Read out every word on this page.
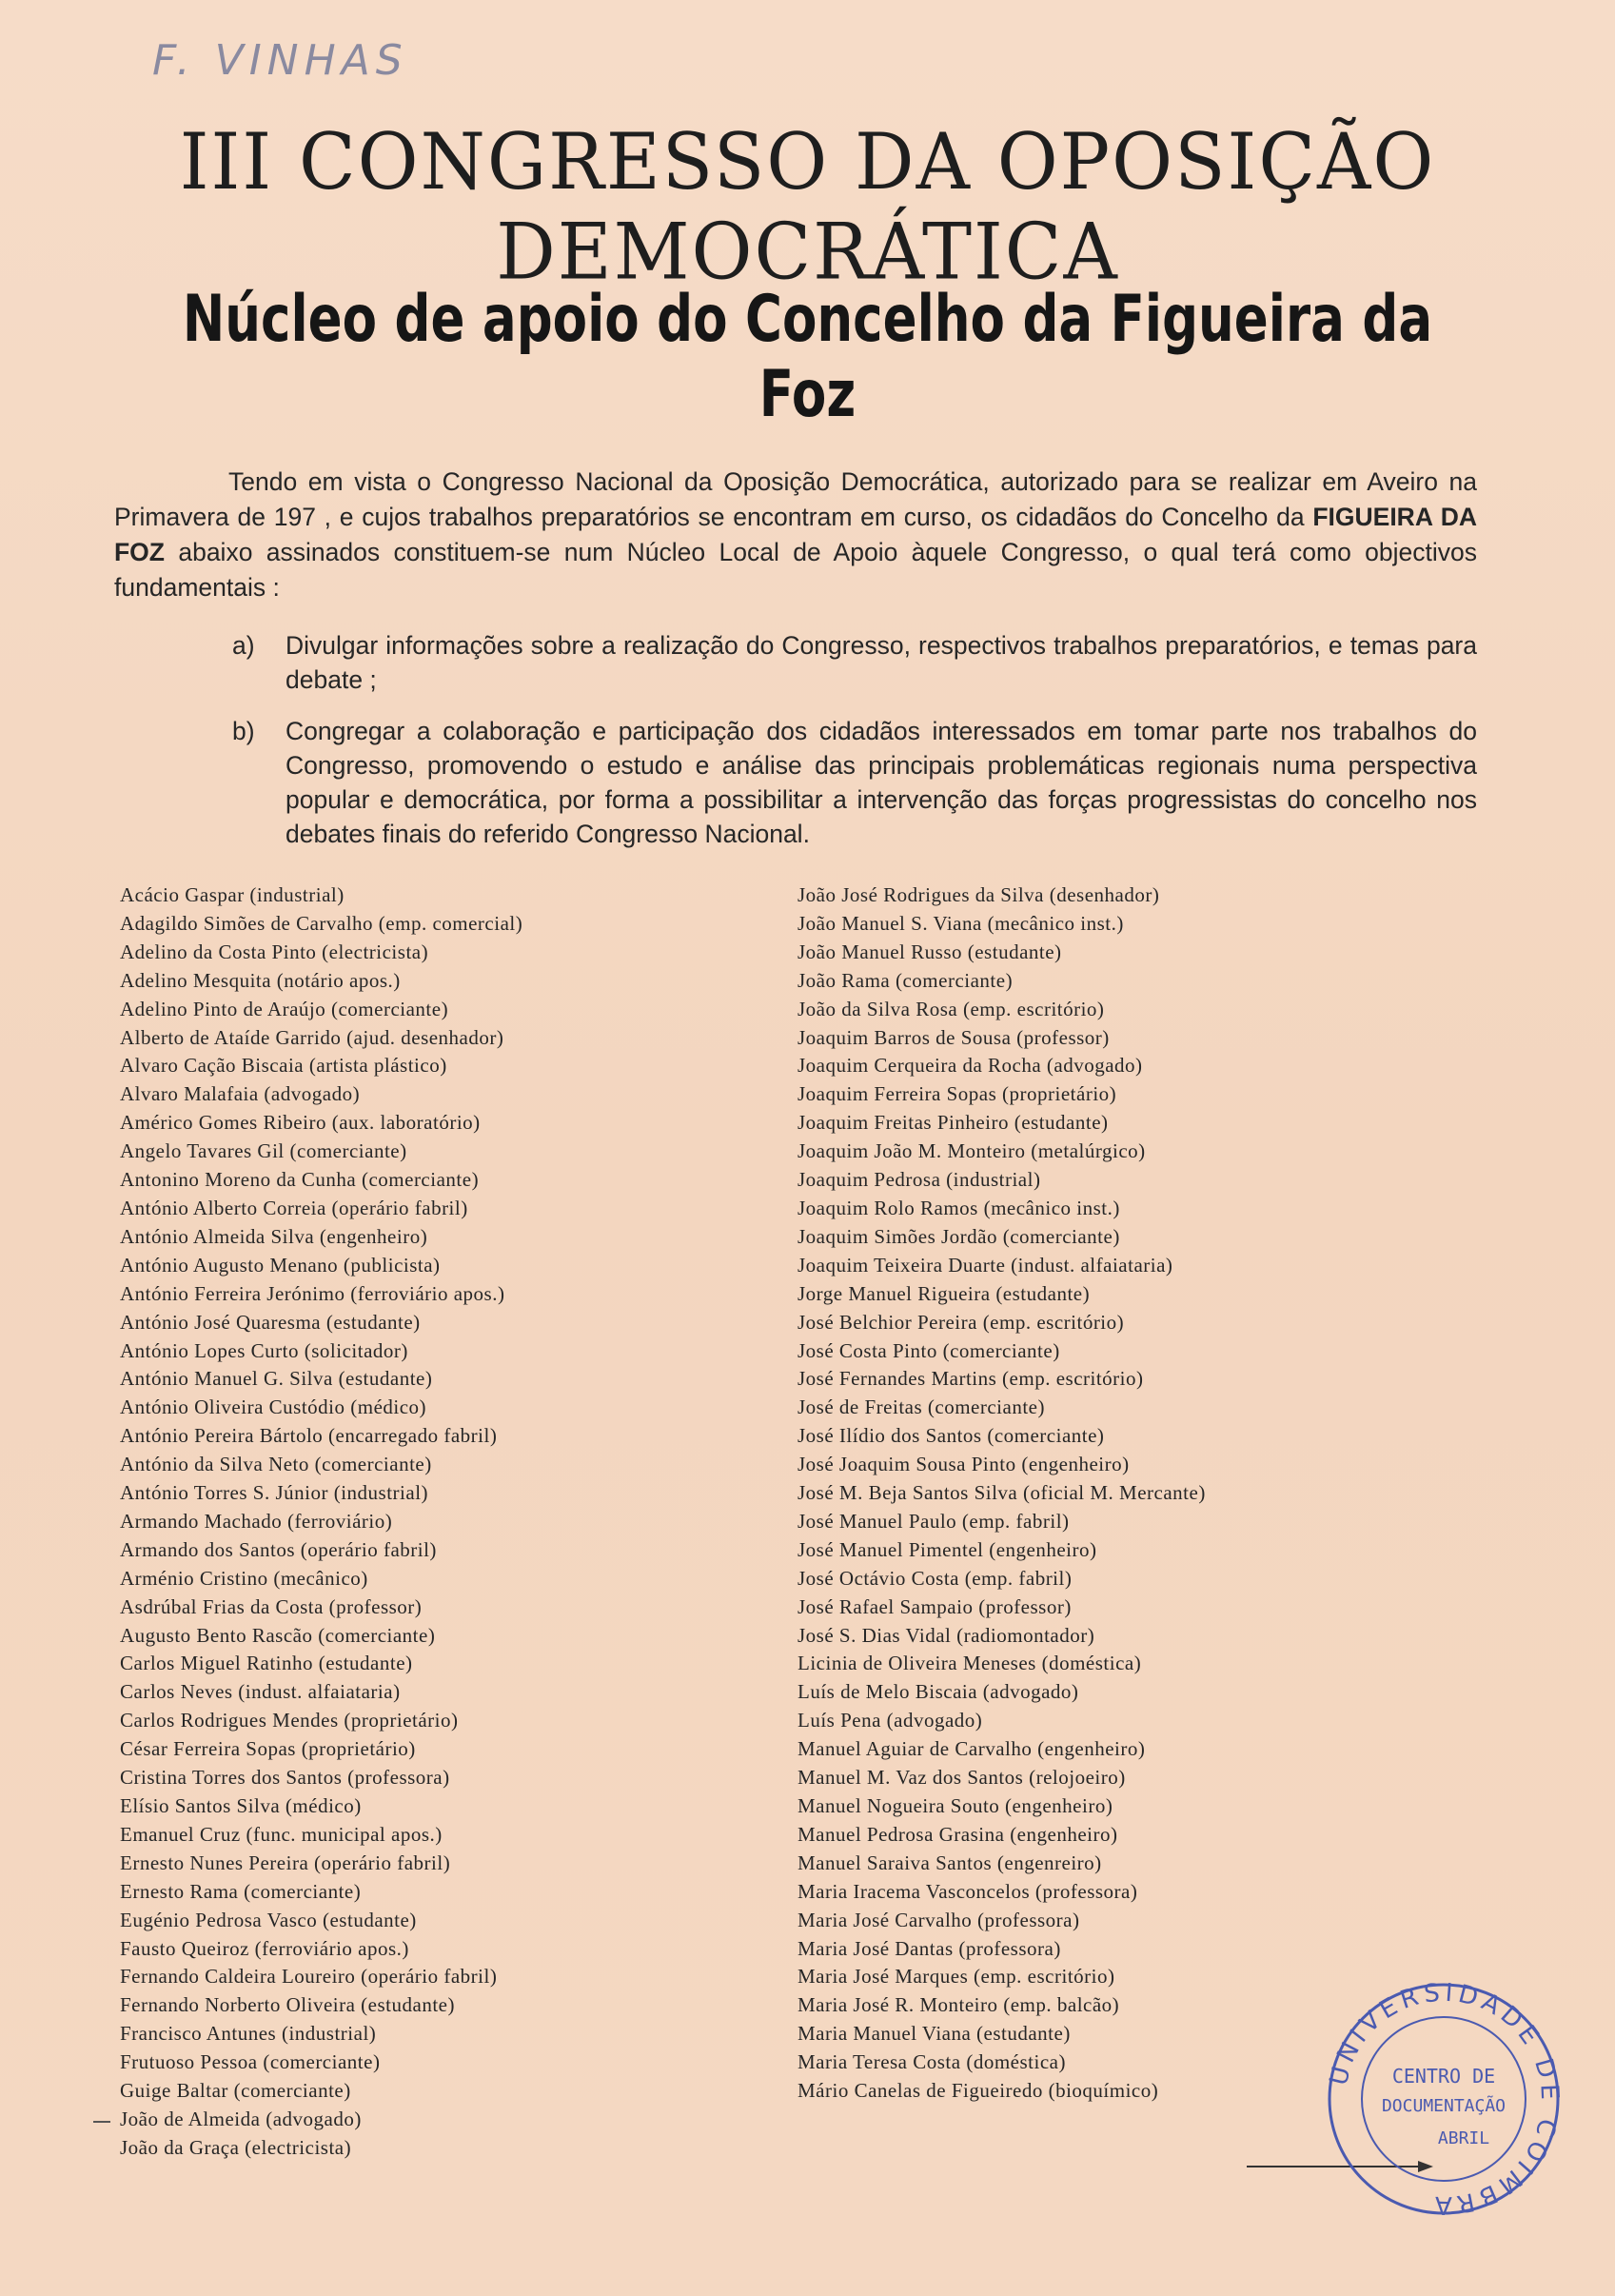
F. VINHAS
III CONGRESSO DA OPOSIÇÃO DEMOCRÁTICA
Núcleo de apoio do Concelho da Figueira da Foz

Tendo em vista o Congresso Nacional da Oposição Democrática, autorizado para se realizar em Aveiro na Primavera de 197 , e cujos trabalhos preparatórios se encontram em curso, os cidadãos do Concelho da FIGUEIRA DA FOZ abaixo assinados constituem-se num Núcleo Local de Apoio àquele Congresso, o qual terá como objectivos fundamentais :

a) Divulgar informações sobre a realização do Congresso, respectivos trabalhos preparatórios, e temas para debate ;
b) Congregar a colaboração e participação dos cidadãos interessados em tomar parte nos trabalhos do Congresso, promovendo o estudo e análise das principais problemáticas regionais numa perspectiva popular e democrática, por forma a possibilitar a intervenção das forças progressistas do concelho nos debates finais do referido Congresso Nacional.
Acácio Gaspar (industrial)
Adagildo Simões de Carvalho (emp. comercial)
Adelino da Costa Pinto (electricista)
Adelino Mesquita (notário apos.)
Adelino Pinto de Araújo (comerciante)
Alberto de Ataíde Garrido (ajud. desenhador)
Alvaro Cação Biscaia (artista plástico)
Alvaro Malafaia (advogado)
Américo Gomes Ribeiro (aux. laboratório)
Angelo Tavares Gil (comerciante)
Antonino Moreno da Cunha (comerciante)
António Alberto Correia (operário fabril)
António Almeida Silva (engenheiro)
António Augusto Menano (publicista)
António Ferreira Jerónimo (ferroviário apos.)
António José Quaresma (estudante)
António Lopes Curto (solicitador)
António Manuel G. Silva (estudante)
António Oliveira Custódio (médico)
António Pereira Bártolo (encarregado fabril)
António da Silva Neto (comerciante)
António Torres S. Júnior (industrial)
Armando Machado (ferroviário)
Armando dos Santos (operário fabril)
Arménio Cristino (mecânico)
Asdrúbal Frias da Costa (professor)
Augusto Bento Rascão (comerciante)
Carlos Miguel Ratinho (estudante)
Carlos Neves (indust. alfaiataria)
Carlos Rodrigues Mendes (proprietário)
César Ferreira Sopas (proprietário)
Cristina Torres dos Santos (professora)
Elísio Santos Silva (médico)
Emanuel Cruz (func. municipal apos.)
Ernesto Nunes Pereira (operário fabril)
Ernesto Rama (comerciante)
Eugénio Pedrosa Vasco (estudante)
Fausto Queiroz (ferroviário apos.)
Fernando Caldeira Loureiro (operário fabril)
Fernando Norberto Oliveira (estudante)
Francisco Antunes (industrial)
Frutuoso Pessoa (comerciante)
Guige Baltar (comerciante)
João de Almeida (advogado)
João da Graça (electricista)
João José Rodrigues da Silva (desenhador)
João Manuel S. Viana (mecânico inst.)
João Manuel Russo (estudante)
João Rama (comerciante)
João da Silva Rosa (emp. escritório)
Joaquim Barros de Sousa (professor)
Joaquim Cerqueira da Rocha (advogado)
Joaquim Ferreira Sopas (proprietário)
Joaquim Freitas Pinheiro (estudante)
Joaquim João M. Monteiro (metalúrgico)
Joaquim Pedrosa (industrial)
Joaquim Rolo Ramos (mecânico inst.)
Joaquim Simões Jordão (comerciante)
Joaquim Teixeira Duarte (indust. alfaiataria)
Jorge Manuel Rigueira (estudante)
José Belchior Pereira (emp. escritório)
José Costa Pinto (comerciante)
José Fernandes Martins (emp. escritório)
José de Freitas (comerciante)
José Ilídio dos Santos (comerciante)
José Joaquim Sousa Pinto (engenheiro)
José M. Beja Santos Silva (oficial M. Mercante)
José Manuel Paulo (emp. fabril)
José Manuel Pimentel (engenheiro)
José Octávio Costa (emp. fabril)
José Rafael Sampaio (professor)
José S. Dias Vidal (radiomontador)
Licinia de Oliveira Meneses (doméstica)
Luís de Melo Biscaia (advogado)
Luís Pena (advogado)
Manuel Aguiar de Carvalho (engenheiro)
Manuel M. Vaz dos Santos (relojoeiro)
Manuel Nogueira Souto (engenheiro)
Manuel Pedrosa Grasina (engenheiro)
Manuel Saraiva Santos (engenreiro)
Maria Iracema Vasconcelos (professora)
Maria José Carvalho (professora)
Maria José Dantas (professora)
Maria José Marques (emp. escritório)
Maria José R. Monteiro (emp. balcão)
Maria Manuel Viana (estudante)
Maria Teresa Costa (doméstica)
Mário Canelas de Figueiredo (bioquímico)
UNIVERSIDADE DE COIMBRA
CENTRO DE
DOCUMENTAÇÃO
ABRIL
